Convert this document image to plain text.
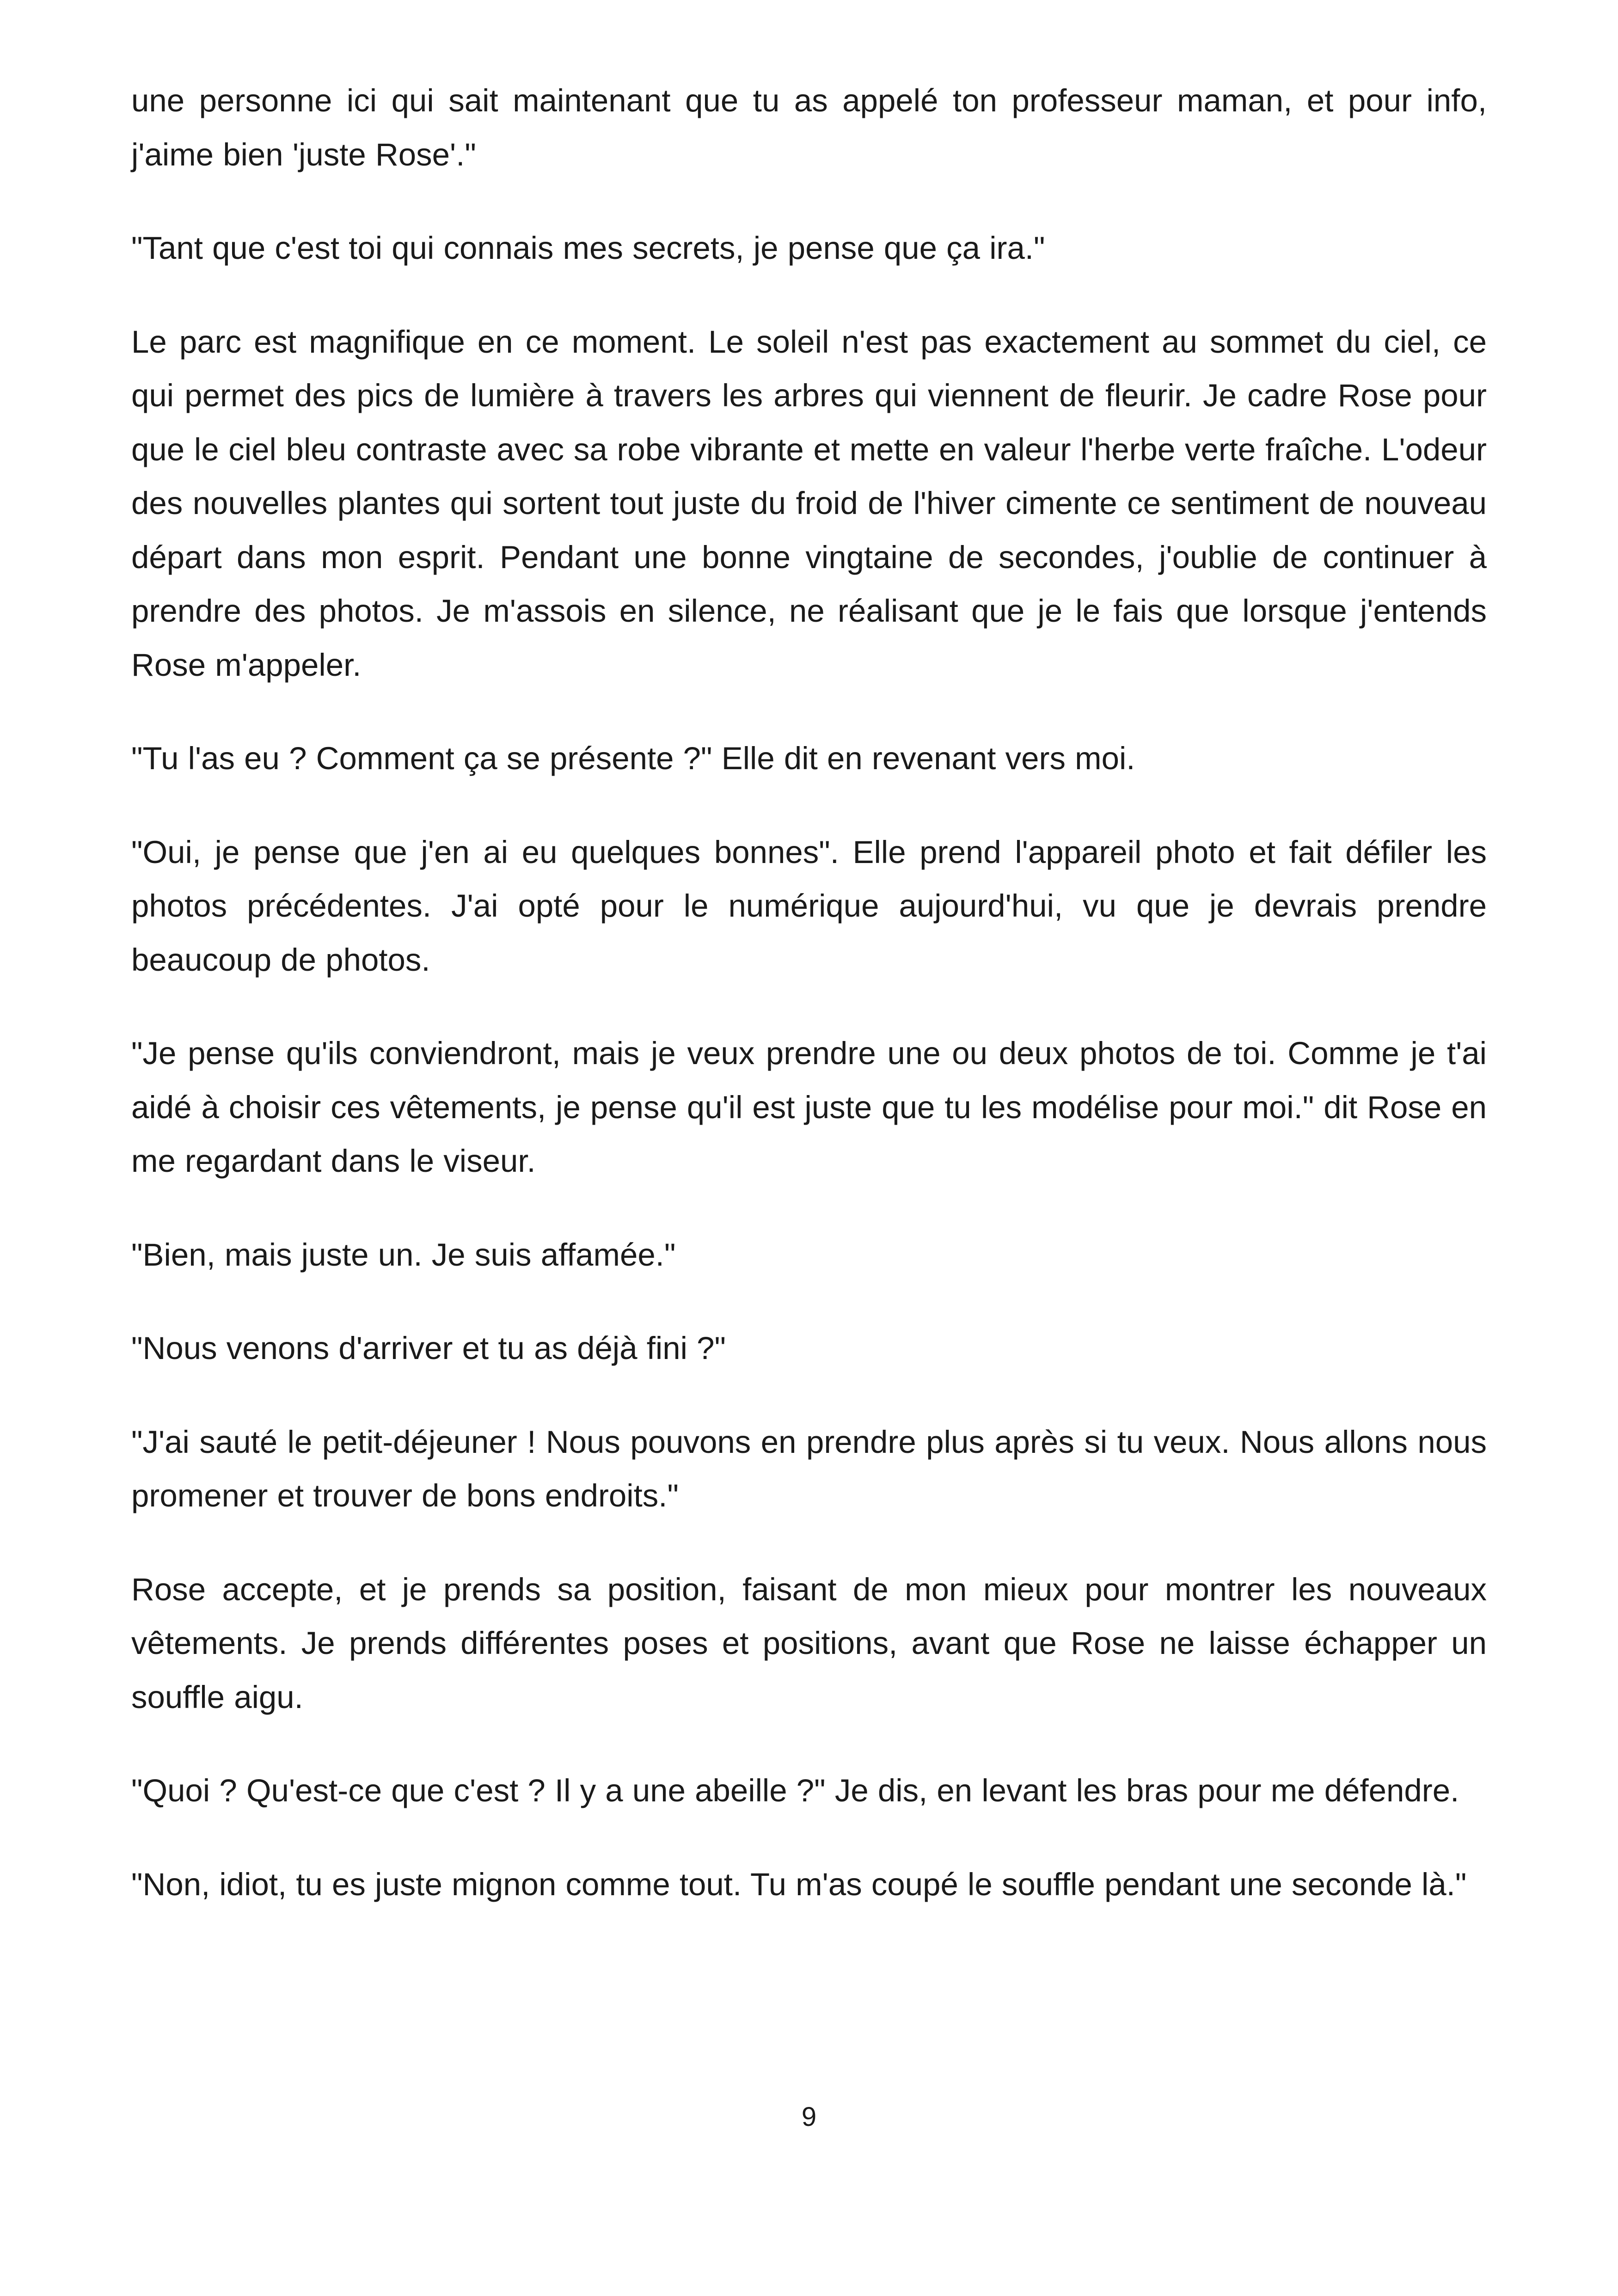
une personne ici qui sait maintenant que tu as appelé ton professeur maman, et pour info, j'aime bien 'juste Rose'."

"Tant que c'est toi qui connais mes secrets, je pense que ça ira."

Le parc est magnifique en ce moment. Le soleil n'est pas exactement au sommet du ciel, ce qui permet des pics de lumière à travers les arbres qui viennent de fleurir. Je cadre Rose pour que le ciel bleu contraste avec sa robe vibrante et mette en valeur l'herbe verte fraîche. L'odeur des nouvelles plantes qui sortent tout juste du froid de l'hiver cimente ce sentiment de nouveau départ dans mon esprit. Pendant une bonne vingtaine de secondes, j'oublie de continuer à prendre des photos. Je m'assois en silence, ne réalisant que je le fais que lorsque j'entends Rose m'appeler.

"Tu l'as eu ? Comment ça se présente ?" Elle dit en revenant vers moi.

"Oui, je pense que j'en ai eu quelques bonnes". Elle prend l'appareil photo et fait défiler les photos précédentes. J'ai opté pour le numérique aujourd'hui, vu que je devrais prendre beaucoup de photos.

"Je pense qu'ils conviendront, mais je veux prendre une ou deux photos de toi. Comme je t'ai aidé à choisir ces vêtements, je pense qu'il est juste que tu les modélise pour moi." dit Rose en me regardant dans le viseur.

"Bien, mais juste un. Je suis affamée."

"Nous venons d'arriver et tu as déjà fini ?"

"J'ai sauté le petit-déjeuner ! Nous pouvons en prendre plus après si tu veux. Nous allons nous promener et trouver de bons endroits."

Rose accepte, et je prends sa position, faisant de mon mieux pour montrer les nouveaux vêtements. Je prends différentes poses et positions, avant que Rose ne laisse échapper un souffle aigu.

"Quoi ? Qu'est-ce que c'est ? Il y a une abeille ?" Je dis, en levant les bras pour me défendre.

"Non, idiot, tu es juste mignon comme tout. Tu m'as coupé le souffle pendant une seconde là."

9
